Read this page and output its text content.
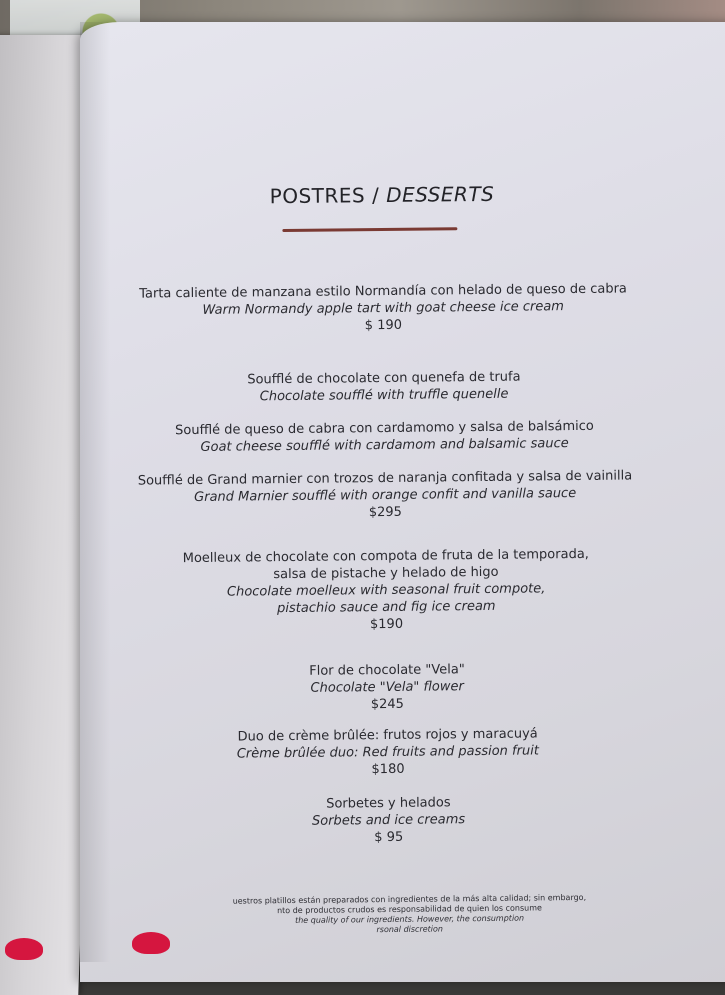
POSTRES / DESSERTS
Tarta caliente de manzana estilo Normandía con helado de queso de cabra
Warm Normandy apple tart with goat cheese ice cream
$ 190
Soufflé de chocolate con quenefa de trufa
Chocolate soufflé with truffle quenelle
Soufflé de queso de cabra con cardamomo y salsa de balsámico
Goat cheese soufflé with cardamom and balsamic sauce
Soufflé de Grand marnier con trozos de naranja confitada y salsa de vainilla
Grand Marnier soufflé with orange confit and vanilla sauce
$295
Moelleux de chocolate con compota de fruta de la temporada,
salsa de pistache y helado de higo
Chocolate moelleux with seasonal fruit compote,
pistachio sauce and fig ice cream
$190
Flor de chocolate "Vela"
Chocolate "Vela" flower
$245
Duo de crème brûlée: frutos rojos y maracuyá
Crème brûlée duo: Red fruits and passion fruit
$180
Sorbetes y helados
Sorbets and ice creams
$ 95
uestros platillos están preparados con ingredientes de la más alta calidad; sin embargo,
nto de productos crudos es responsabilidad de quien los consume
the quality of our ingredients. However, the consumption
rsonal discretion
